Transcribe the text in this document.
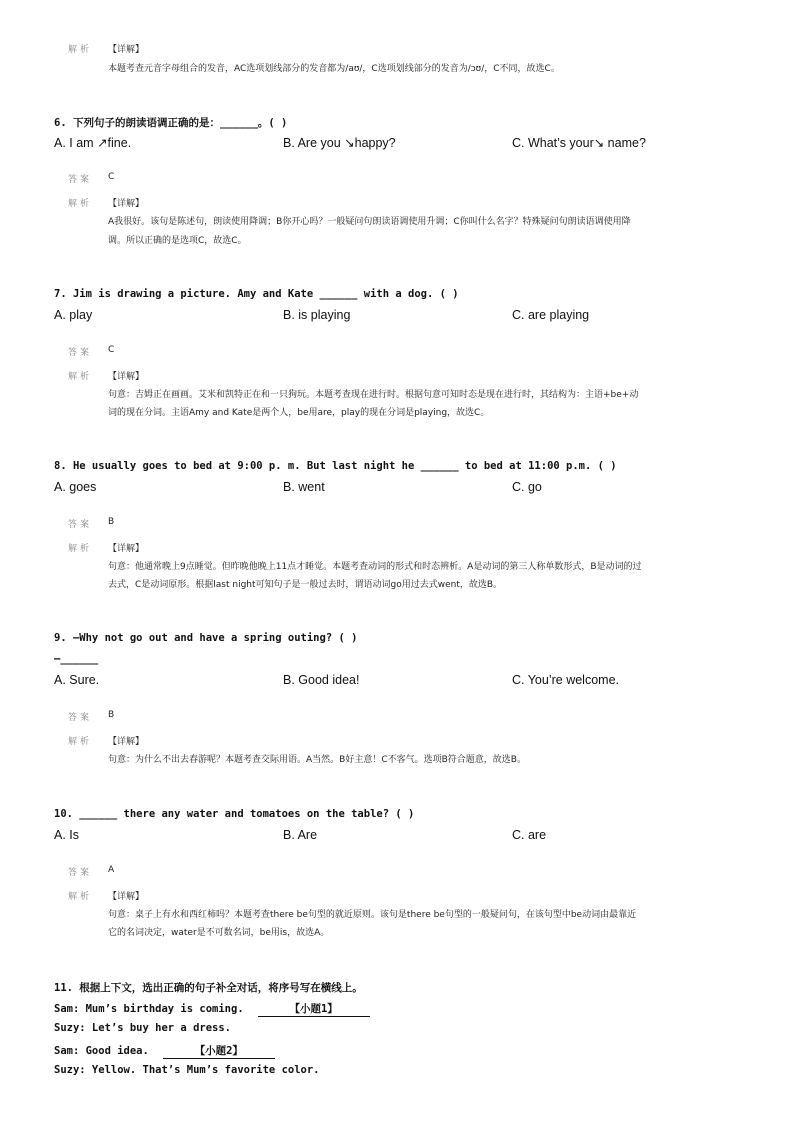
解析 【详解】
本题考查元音字母组合的发音，AC选项划线部分的发音都为/aʊ/，C选项划线部分的发音为/ɔʊ/，C不同，故选C。
6. 下列句子的朗读语调正确的是：______。( )
A. I am ↗fine.	B. Are you ↘happy?	C. What’s your↘ name?
答案 C
解析 【详解】
A我很好。该句是陈述句，朗读使用降调；B你开心吗？一般疑问句朗读语调使用升调；C你叫什么名字？特殊疑问句朗读语调使用降
调。所以正确的是选项C，故选C。
7. Jim is drawing a picture. Amy and Kate ______ with a dog. ( )
A. play	B. is playing	C. are playing
答案 C
解析 【详解】
句意：吉姆正在画画。艾米和凯特正在和一只狗玩。本题考查现在进行时。根据句意可知时态是现在进行时，其结构为：主语+be+动
词的现在分词。主语Amy and Kate是两个人，be用are，play的现在分词是playing，故选C。
8. He usually goes to bed at 9:00 p. m. But last night he ______ to bed at 11:00 p.m. ( )
A. goes	B. went	C. go
答案 B
解析 【详解】
句意：他通常晚上9点睡觉。但昨晚他晚上11点才睡觉。本题考查动词的形式和时态辨析。A是动词的第三人称单数形式，B是动词的过
去式，C是动词原形。根据last night可知句子是一般过去时，谓语动词go用过去式went，故选B。
9. —Why not go out and have a spring outing? ( )
—______
A. Sure.	B. Good idea!	C. You’re welcome.
答案 B
解析 【详解】
句意：为什么不出去春游呢？本题考查交际用语。A当然。B好主意！C不客气。选项B符合题意，故选B。
10. ______ there any water and tomatoes on the table? ( )
A. Is	B. Are	C. are
答案 A
解析 【详解】
句意：桌子上有水和西红柿吗？本题考查there be句型的就近原则。该句是there be句型的一般疑问句，在该句型中be动词由最靠近
它的名词决定，water是不可数名词，be用is，故选A。
11. 根据上下文，选出正确的句子补全对话，将序号写在横线上。
Sam: Mum’s birthday is coming.	【小题1】
Suzy: Let’s buy her a dress.
Sam: Good idea.	【小题2】
Suzy: Yellow. That’s Mum’s favorite color.
